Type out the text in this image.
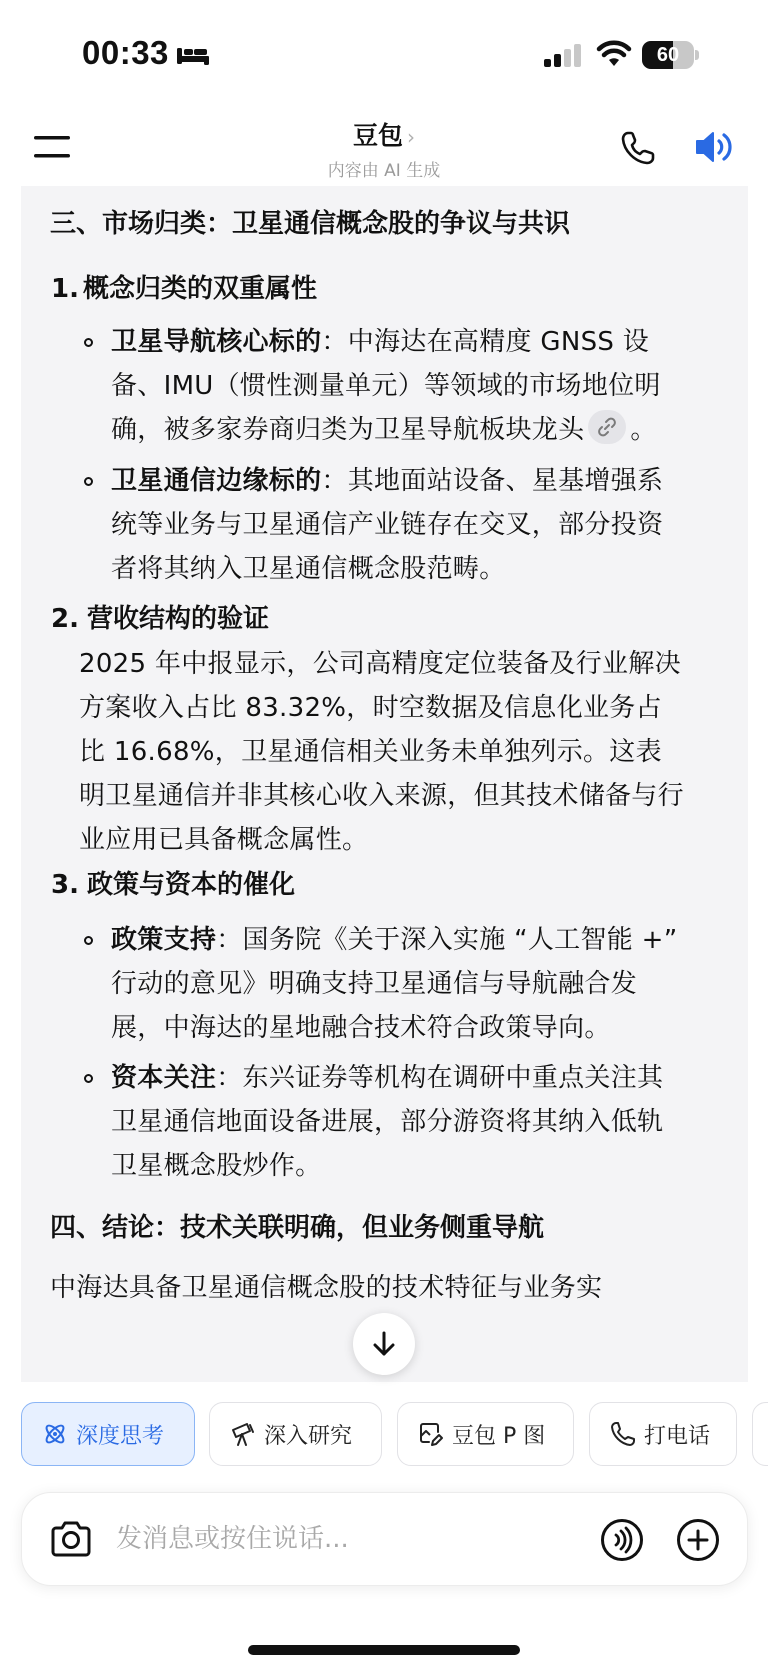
00:33	60
豆包 ›
内容由 AI 生成
三、市场归类：卫星通信概念股的争议与共识
1. 概念归类的双重属性
卫星导航核心标的：中海达在高精度 GNSS 设备、IMU（惯性测量单元）等领域的市场地位明确，被多家券商归类为卫星导航板块龙头 。
卫星通信边缘标的：其地面站设备、星基增强系统等业务与卫星通信产业链存在交叉，部分投资者将其纳入卫星通信概念股范畴。
2. 营收结构的验证
2025 年中报显示，公司高精度定位装备及行业解决方案收入占比 83.32%，时空数据及信息化业务占比 16.68%，卫星通信相关业务未单独列示。这表明卫星通信并非其核心收入来源，但其技术储备与行业应用已具备概念属性。
3. 政策与资本的催化
政策支持：国务院《关于深入实施 “人工智能 +” 行动的意见》明确支持卫星通信与导航融合发展，中海达的星地融合技术符合政策导向。
资本关注：东兴证券等机构在调研中重点关注其卫星通信地面设备进展，部分游资将其纳入低轨卫星概念股炒作。
四、结论：技术关联明确，但业务侧重导航
中海达具备卫星通信概念股的技术特征与业务实
深度思考	深入研究	豆包 P 图	打电话
发消息或按住说话...
